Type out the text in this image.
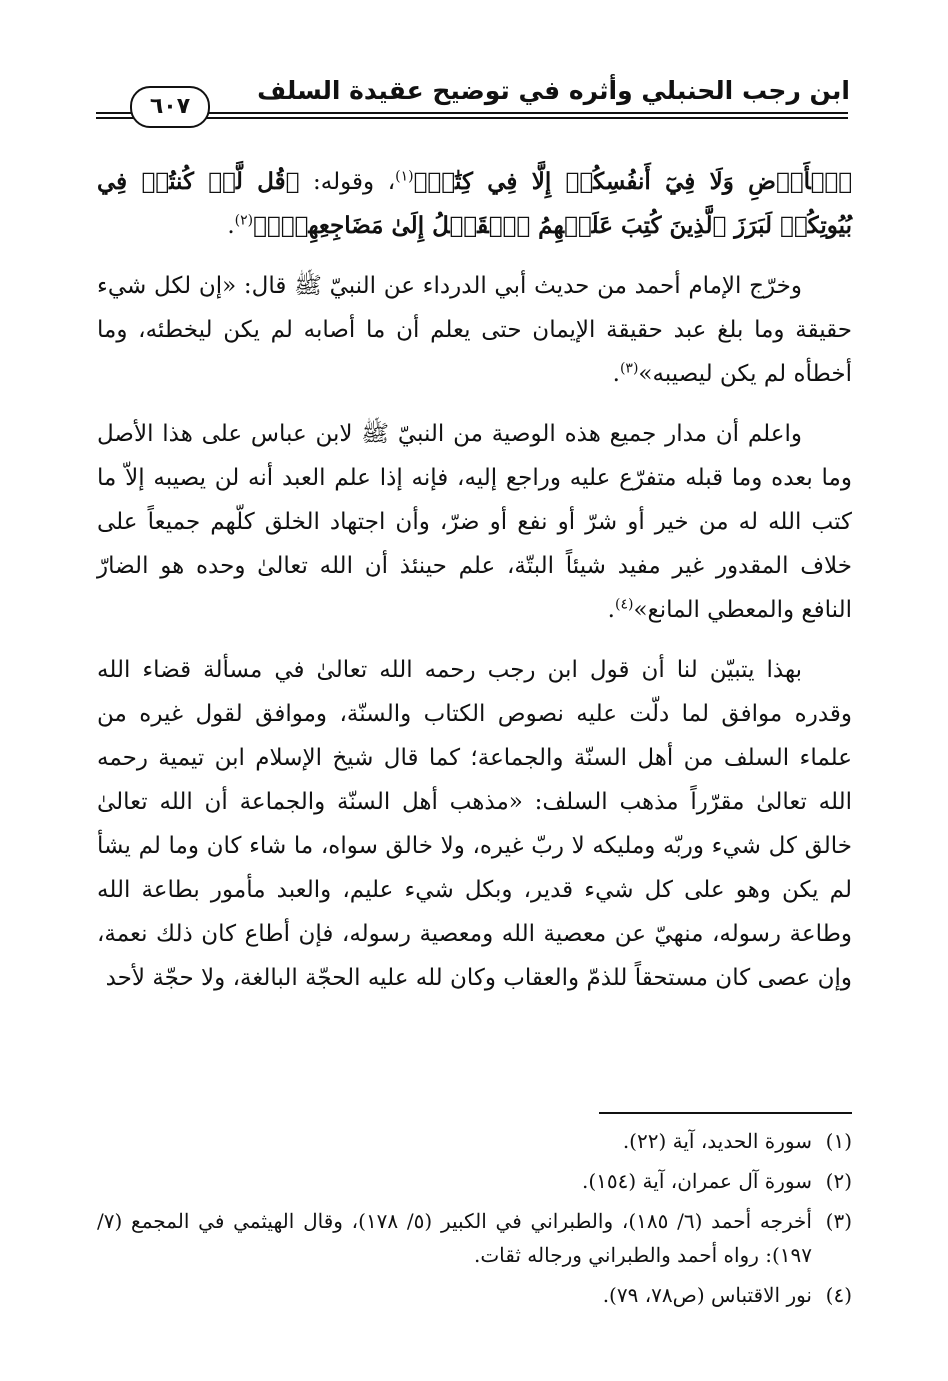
ابن رجب الحنبلي وأثره في توضيح عقيدة السلف
٦٠٧

ﭐلۡأَرۡضِ وَلَا فِيٓ أَنفُسِكُمۡ إِلَّا فِي كِتَٰبٖ﴾$^{(١)}$، وقوله: ﴿قُل لَّوۡ كُنتُمۡ فِي بُيُوتِكُمۡ لَبَرَزَ ٱلَّذِينَ كُتِبَ عَلَيۡهِمُ ٱلۡقَتۡلُ إِلَىٰ مَضَاجِعِهِمۡۖ﴾$^{(٢)}$.

وخرّج الإمام أحمد من حديث أبي الدرداء عن النبيّ ﷺ قال: «إن لكل شيء حقيقة وما بلغ عبد حقيقة الإيمان حتى يعلم أن ما أصابه لم يكن ليخطئه، وما أخطأه لم يكن ليصيبه»$^{(٣)}$.

واعلم أن مدار جميع هذه الوصية من النبيّ ﷺ لابن عباس على هذا الأصل وما بعده وما قبله متفرّع عليه وراجع إليه، فإنه إذا علم العبد أنه لن يصيبه إلاّ ما كتب الله له من خير أو شرّ أو نفع أو ضرّ، وأن اجتهاد الخلق كلّهم جميعاً على خلاف المقدور غير مفيد شيئاً البتّة، علم حينئذ أن الله تعالىٰ وحده هو الضارّ النافع والمعطي المانع»$^{(٤)}$.

بهذا يتبيّن لنا أن قول ابن رجب رحمه الله تعالىٰ في مسألة قضاء الله وقدره موافق لما دلّت عليه نصوص الكتاب والسنّة، وموافق لقول غيره من علماء السلف من أهل السنّة والجماعة؛ كما قال شيخ الإسلام ابن تيمية رحمه الله تعالىٰ مقرّراً مذهب السلف: «مذهب أهل السنّة والجماعة أن الله تعالىٰ خالق كل شيء وربّه ومليكه لا ربّ غيره، ولا خالق سواه، ما شاء كان وما لم يشأ لم يكن وهو على كل شيء قدير، وبكل شيء عليم، والعبد مأمور بطاعة الله وطاعة رسوله، منهيّ عن معصية الله ومعصية رسوله، فإن أطاع كان ذلك نعمة، وإن عصى كان مستحقاً للذمّ والعقاب وكان لله عليه الحجّة البالغة، ولا حجّة لأحد

(١)
سورة الحديد، آية (٢٢).
(٢)
سورة آل عمران، آية (١٥٤).
(٣)
أخرجه أحمد (٦/ ١٨٥)، والطبراني في الكبير (٥/ ١٧٨)، وقال الهيثمي في المجمع (٧/ ١٩٧): رواه أحمد والطبراني ورجاله ثقات.
(٤)
نور الاقتباس (ص٧٨، ٧٩).
